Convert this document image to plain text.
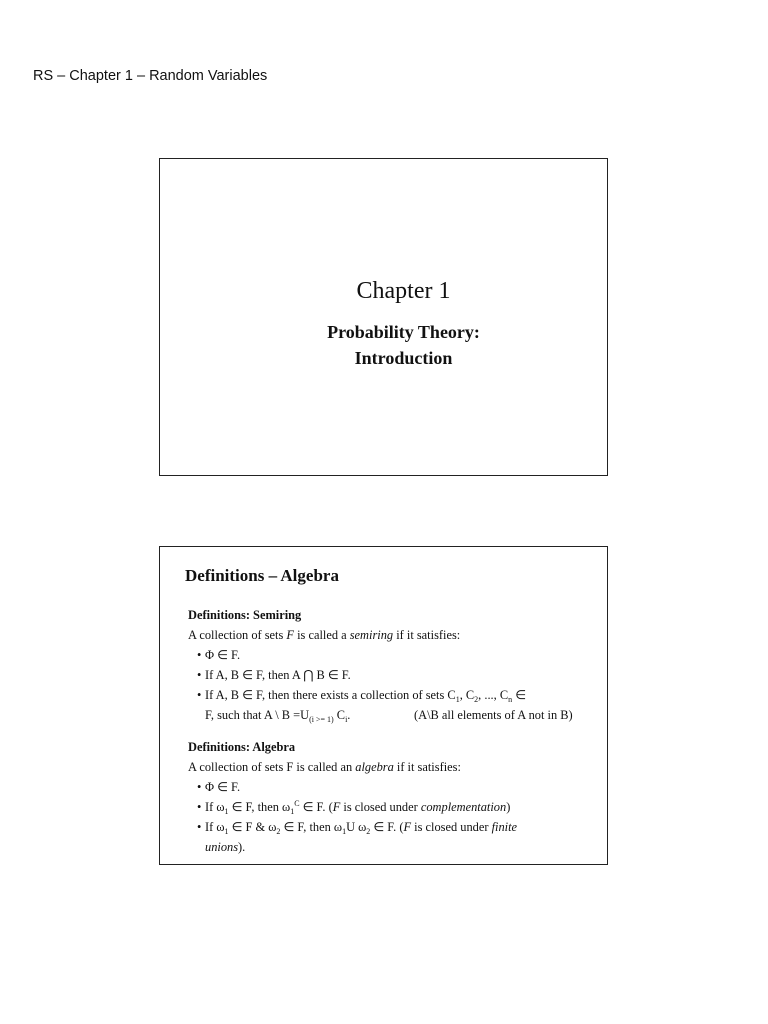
RS – Chapter 1 – Random Variables
Chapter 1
Probability Theory:
Introduction
Definitions – Algebra
Definitions: Semiring
A collection of sets F is called a semiring if it satisfies:
• Φ ∈ F.
• If A, B ∈ F, then A ⋂ B ∈ F.
• If A, B ∈ F, then there exists a collection of sets $C_1$, $C_2$, ..., $C_n$ ∈
F, such that A \ $B =U_{(i >= 1)}$ $C_i$.	(A\B all elements of A not in B)
Definitions: Algebra
A collection of sets F is called an algebra if it satisfies:
• Φ ∈ F.
• If $\omega_1$ ∈ F, then $\omega_1^C$ ∈ F. (F is closed under complementation)
• If $\omega_1$ ∈ F & $\omega_2$ ∈ F, then $\omega_1U$ $\omega_2$ ∈ F. (F is closed under finite
unions).
